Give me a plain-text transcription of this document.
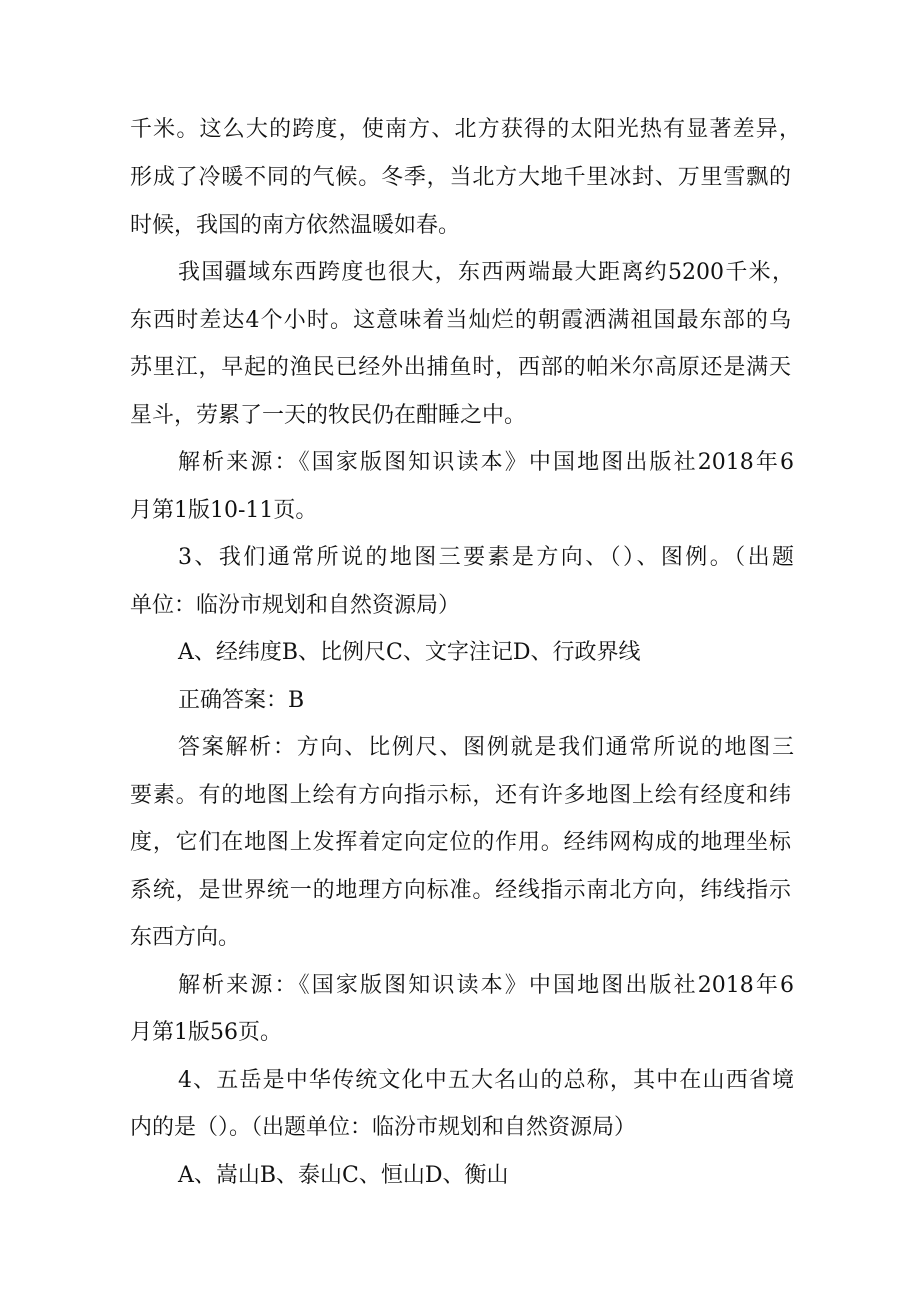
千米。这么大的跨度，使南方、北方获得的太阳光热有显著差异，
形成了冷暖不同的气候。冬季，当北方大地千里冰封、万里雪飘的
时候，我国的南方依然温暖如春。
我国疆域东西跨度也很大，东西两端最大距离约5200千米，
东西时差达4个小时。这意味着当灿烂的朝霞洒满祖国最东部的乌
苏里江，早起的渔民已经外出捕鱼时，西部的帕米尔高原还是满天
星斗，劳累了一天的牧民仍在酣睡之中。
解析来源：《国家版图知识读本》中国地图出版社2018年6
月第1版10-11页。
3、我们通常所说的地图三要素是方向、（）、图例。（出题
单位：临汾市规划和自然资源局）
A、经纬度B、比例尺C、文字注记D、行政界线
正确答案：B
答案解析：方向、比例尺、图例就是我们通常所说的地图三
要素。有的地图上绘有方向指示标，还有许多地图上绘有经度和纬
度，它们在地图上发挥着定向定位的作用。经纬网构成的地理坐标
系统，是世界统一的地理方向标准。经线指示南北方向，纬线指示
东西方向。
解析来源：《国家版图知识读本》中国地图出版社2018年6
月第1版56页。
4、五岳是中华传统文化中五大名山的总称，其中在山西省境
内的是（）。（出题单位：临汾市规划和自然资源局）
A、嵩山B、泰山C、恒山D、衡山
